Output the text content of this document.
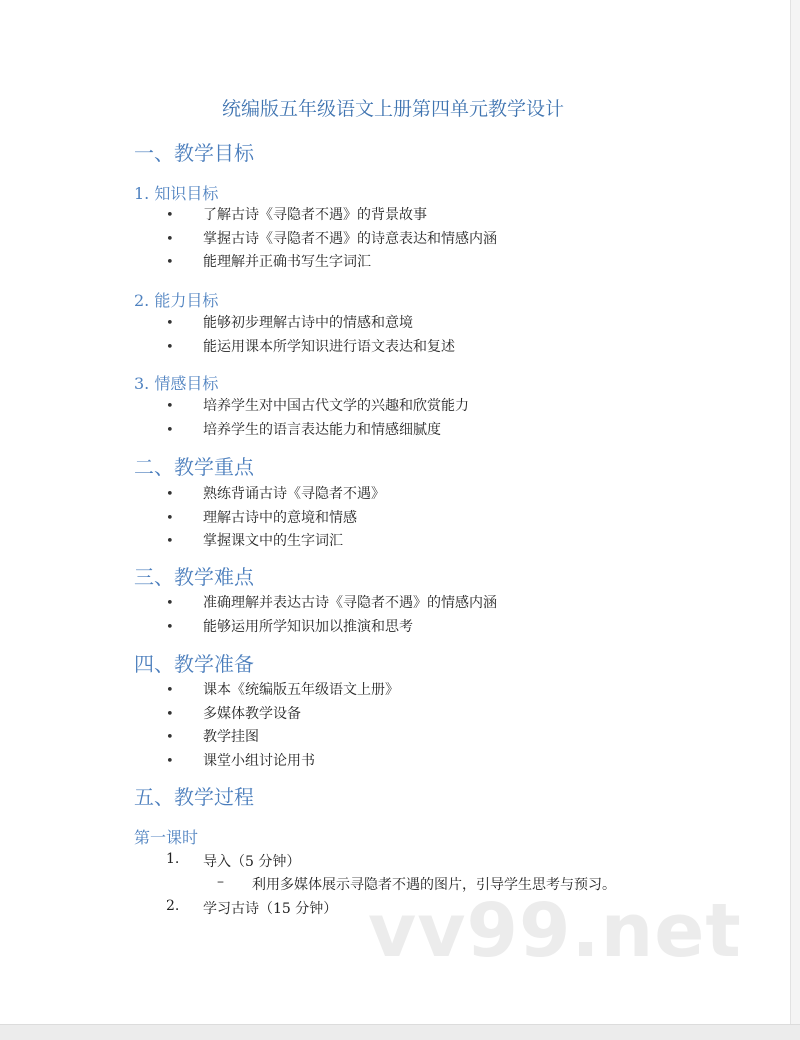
统编版五年级语文上册第四单元教学设计
一、教学目标
1. 知识目标
• 了解古诗《寻隐者不遇》的背景故事
• 掌握古诗《寻隐者不遇》的诗意表达和情感内涵
• 能理解并正确书写生字词汇
2. 能力目标
• 能够初步理解古诗中的情感和意境
• 能运用课本所学知识进行语文表达和复述
3. 情感目标
• 培养学生对中国古代文学的兴趣和欣赏能力
• 培养学生的语言表达能力和情感细腻度
二、教学重点
• 熟练背诵古诗《寻隐者不遇》
• 理解古诗中的意境和情感
• 掌握课文中的生字词汇
三、教学难点
• 准确理解并表达古诗《寻隐者不遇》的情感内涵
• 能够运用所学知识加以推演和思考
四、教学准备
• 课本《统编版五年级语文上册》
• 多媒体教学设备
• 教学挂图
• 课堂小组讨论用书
五、教学过程
第一课时
1. 导入（5 分钟）
– 利用多媒体展示寻隐者不遇的图片，引导学生思考与预习。
2. 学习古诗（15 分钟） vv99.net
